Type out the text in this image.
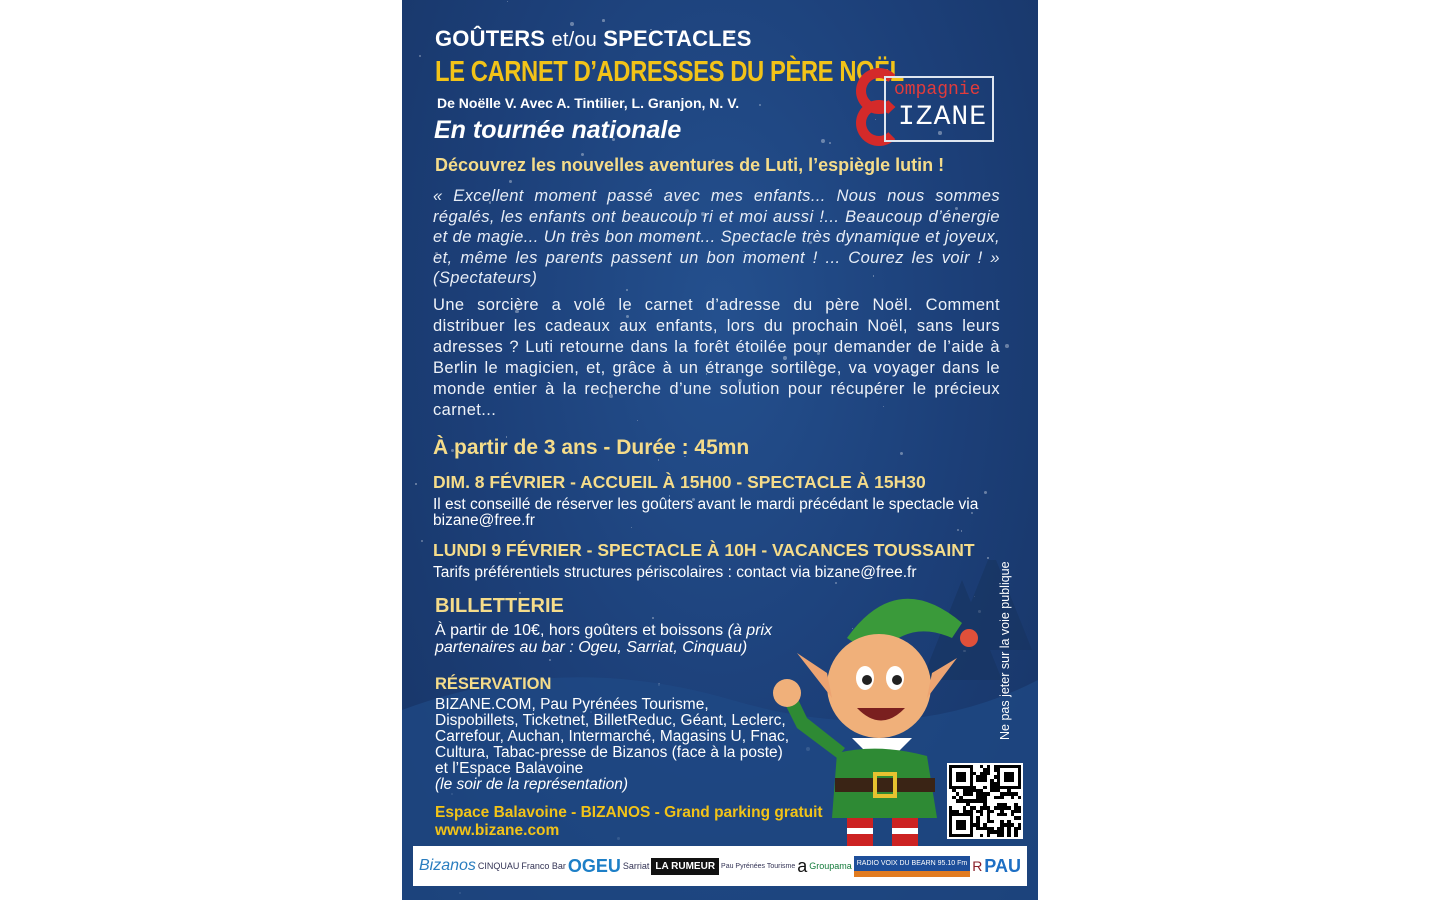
GOÛTERS et/ou SPECTACLES
LE CARNET D’ADRESSES DU PÈRE NOËL
De Noëlle V. Avec A. Tintilier, L. Granjon, N. V.
En tournée nationale
ompagnie
IZANE
Découvrez les nouvelles aventures de Luti, l’espiègle lutin !
« Excellent moment passé avec mes enfants... Nous nous sommes régalés, les enfants ont beaucoup ri et moi aussi !... Beaucoup d’énergie et de magie... Un très bon moment... Spectacle très dynamique et joyeux, et, même les parents passent un bon moment ! ... Courez les voir ! » (Spectateurs)
Une sorcière a volé le carnet d’adresse du père Noël. Comment distribuer les cadeaux aux enfants, lors du prochain Noël, sans leurs adresses ? Luti retourne dans la forêt étoilée pour demander de l’aide à Berlin le magicien, et, grâce à un étrange sortilège, va voyager dans le monde entier à la recherche d’une solution pour récupérer le précieux carnet...
À partir de 3 ans - Durée : 45mn
DIM. 8 FÉVRIER - ACCUEIL À 15H00 - SPECTACLE À 15H30
Il est conseillé de réserver les goûters avant le mardi précédant le spectacle via bizane@free.fr
LUNDI 9 FÉVRIER - SPECTACLE À 10H - VACANCES TOUSSAINT
Tarifs préférentiels structures périscolaires : contact via bizane@free.fr
BILLETTERIE
À partir de 10€, hors goûters et boissons (à prix partenaires au bar : Ogeu, Sarriat, Cinquau)
RÉSERVATION
BIZANE.COM, Pau Pyrénées Tourisme, Dispobillets, Ticketnet, BilletReduc, Géant, Leclerc, Carrefour, Auchan, Intermarché, Magasins U, Fnac, Cultura, Tabac-presse de Bizanos (face à la poste) et l’Espace Balavoine
(le soir de la représentation)
Espace Balavoine - BIZANOS - Grand parking gratuit
www.bizane.com
Ne pas jeter sur la voie publique
Bizanos CINQUAU Franco Bar OGEU Sarriat LA RUMEUR Pau Pyrénées Tourisme a Groupama RADIO VOIX DU BEARN 95.10 Fm R PAU
